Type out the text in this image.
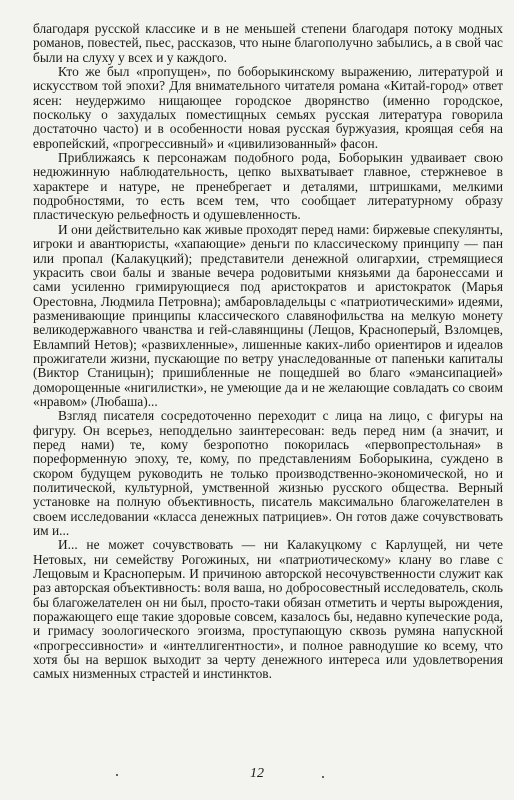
благодаря русской классике и в не меньшей степени благодаря потоку модных романов, повестей, пьес, рассказов, что ныне благополучно забылись, а в свой час были на слуху у всех и у каждого.

Кто же был «пропущен», по боборыкинскому выражению, литературой и искусством той эпохи? Для внимательного читателя романа «Китай-город» ответ ясен: неудержимо нищающее городское дворянство (именно городское, поскольку о захудалых поместищных семьях русская литература говорила достаточно часто) и в особенности новая русская буржуазия, кроящая себя на европейский, «прогрессивный» и «цивилизованный» фасон.

Приближаясь к персонажам подобного рода, Боборыкин удваивает свою недюжинную наблюдательность, цепко выхватывает главное, стержневое в характере и натуре, не пренебрегает и деталями, штришками, мелкими подробностями, то есть всем тем, что сообщает литературному образу пластическую рельефность и одушевленность.

И они действительно как живые проходят перед нами: биржевые спекулянты, игроки и авантюристы, «хапающие» деньги по классическому принципу — пан или пропал (Калакуцкий); представители денежной олигархии, стремящиеся украсить свои балы и званые вечера родовитыми князьями да баронессами и сами усиленно гримирующиеся под аристократов и аристократок (Марья Орестовна, Людмила Петровна); амбаровладельцы с «патриотическими» идеями, разменивающие принципы классического славянофильства на мелкую монету великодержавного чванства и гей-славянщины (Лещов, Красноперый, Взломцев, Евлампий Нетов); «развихленные», лишенные каких-либо ориентиров и идеалов прожигатели жизни, пускающие по ветру унаследованные от папеньки капиталы (Виктор Станицын); пришибленные не пощедшей во благо «эмансипацией» доморощенные «нигилистки», не умеющие да и не желающие совладать со своим «нравом» (Любаша)...

Взгляд писателя сосредоточенно переходит с лица на лицо, с фигуры на фигуру. Он всерьез, неподдельно заинтересован: ведь перед ним (а значит, и перед нами) те, кому безропотно покорилась «первопрестольная» в пореформенную эпоху, те, кому, по представлениям Боборыкина, суждено в скором будущем руководить не только производственно-экономической, но и политической, культурной, умственной жизнью русского общества. Верный установке на полную объективность, писатель максимально благожелателен в своем исследовании «класса денежных патрициев». Он готов даже сочувствовать им и...

И... не может сочувствовать — ни Калакуцкому с Карлущей, ни чете Нетовых, ни семейству Рогожиных, ни «патриотическому» клану во главе с Лещовым и Красноперым. И причиною авторской несочувственности служит как раз авторская объективность: воля ваша, но добросовестный исследователь, сколь бы благожелателен он ни был, просто-таки обязан отметить и черты вырождения, поражающего еще такие здоровые совсем, казалось бы, недавно купеческие рода, и гримасу зоологического эгоизма, проступающую сквозь румяна напускной «прогрессивности» и «интеллигентности», и полное равнодушие ко всему, что хотя бы на вершок выходит за черту денежного интереса или удовлетворения самых низменных страстей и инстинктов.

12
